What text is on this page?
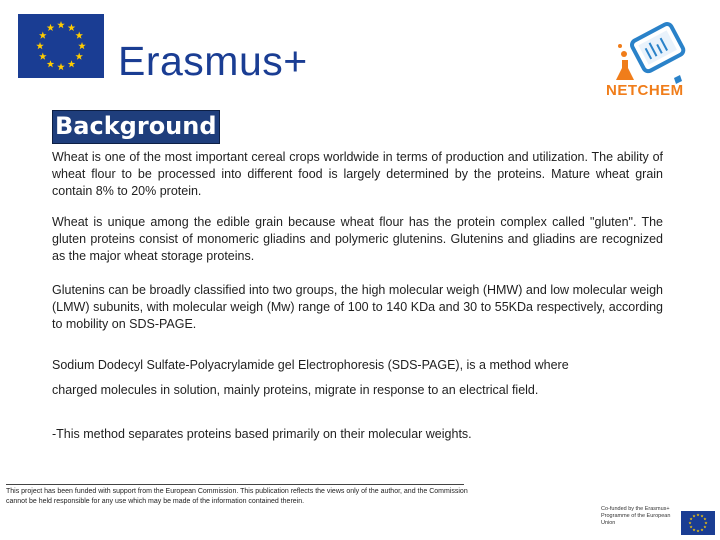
Erasmus+
NETCHEM
Background
Wheat is one of the most important cereal crops worldwide in terms of production and utilization. The ability of wheat flour to be processed into different food is largely determined by the proteins. Mature wheat grain contain 8% to 20% protein.
Wheat is unique among the edible grain because wheat flour has the protein complex called "gluten". The gluten proteins consist of monomeric gliadins and polymeric glutenins. Glutenins and gliadins are recognized as the major wheat storage proteins.
Glutenins can be broadly classified into two groups, the high molecular weigh (HMW) and low molecular weigh (LMW) subunits, with molecular weigh (Mw) range of 100 to 140 KDa and 30 to 55KDa respectively, according to mobility on SDS-PAGE.
Sodium Dodecyl Sulfate-Polyacrylamide gel Electrophoresis (SDS-PAGE), is a method where
charged molecules in solution, mainly proteins, migrate in response to an electrical field.
-This method separates proteins based primarily on their molecular weights.
This project has been funded with support from the European Commission. This publication reflects the views only of the author, and the Commission cannot be held responsible for any use which may be made of the information contained therein.
Co-funded by the Erasmus+ Programme of the European Union
